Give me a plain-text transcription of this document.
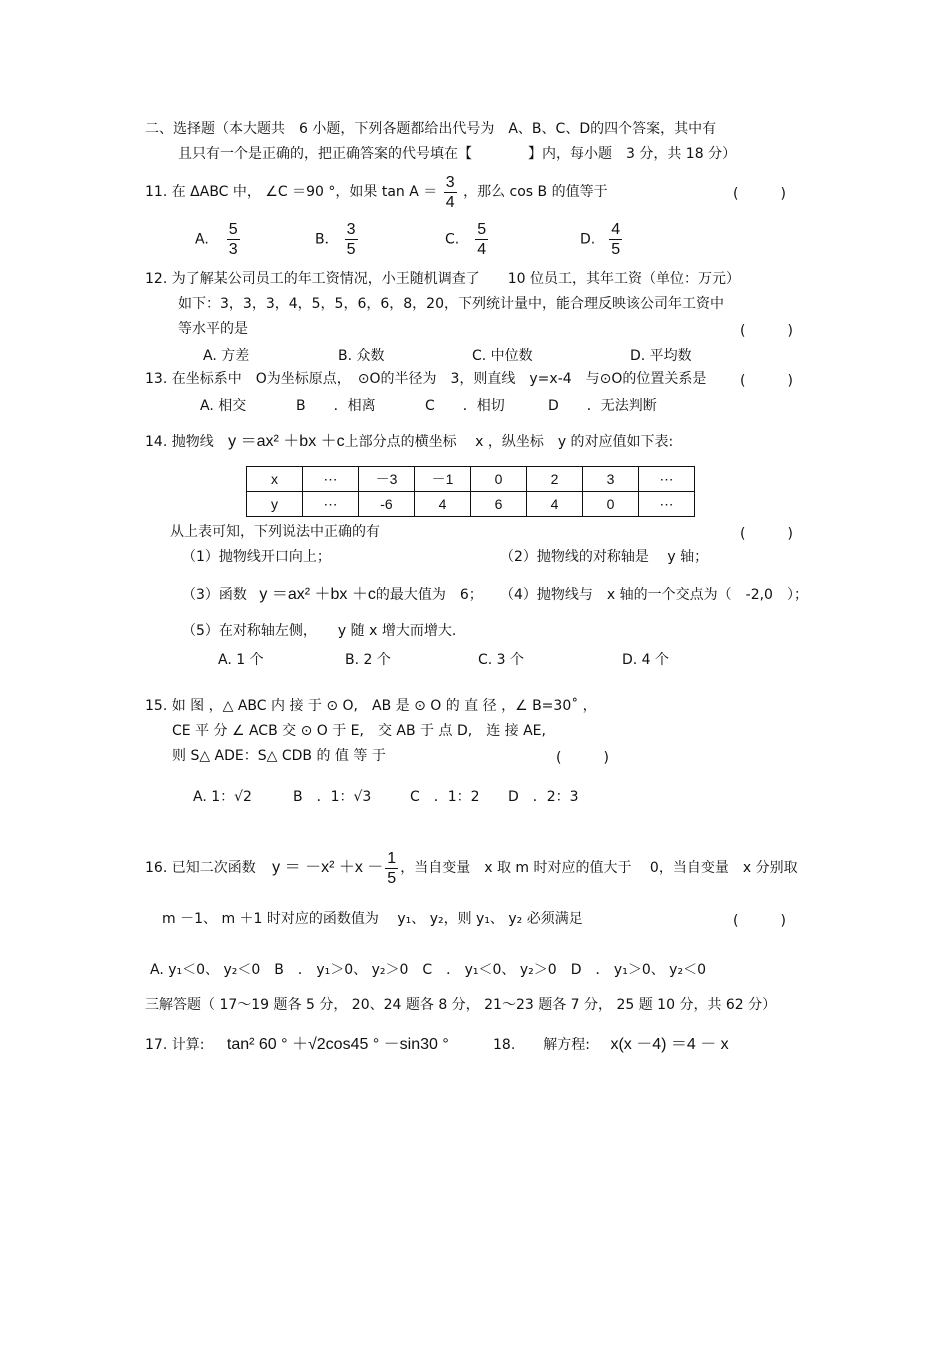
二、选择题（本大题共　6 小题，下列各题都给出代号为　A、B、C、D的四个答案，其中有
且只有一个是正确的，把正确答案的代号填在【　　　　】内，每小题　3 分，共 18 分）
11. 在 ΔABC 中， ∠C ＝90 °，如果 $\tan A = \frac{3}{4}$ ，那么 cos B 的值等于	(　　　)
A. $\frac{5}{3}$	B． $\frac{3}{5}$	C. $\frac{5}{4}$	D. $\frac{4}{5}$
12. 为了解某公司员工的年工资情况，小王随机调查了　　10 位员工，其年工资（单位：万元）
如下：3，3，3，4，5，5，6，6，8，20，下列统计量中，能合理反映该公司年工资中
等水平的是	(　　　)
A. 方差	B. 众数	C. 中位数	D. 平均数
13. 在坐标系中　O为坐标原点，　⊙O的半径为　3，则直线　y=x-4　与⊙O的位置关系是 (　　　)
A. 相交	B　　．相离	C　　．相切	D　　．无法判断
14. 抛物线 y ＝ax² ＋bx ＋c上部分点的横坐标　 x ，纵坐标　y 的对应值如下表:
x	⋯	－3	－1	0	2	3	⋯
y	⋯	-6	4	6	4	0	⋯
从上表可知，下列说法中正确的有	(　　　)
（1）抛物线开口向上；	（2）抛物线的对称轴是　 y 轴；
（3）函数 y ＝ax² ＋bx ＋c的最大值为　6； （4）抛物线与　x 轴的一个交点为（　-2,0　）；
（5）在对称轴左侧，　　y 随 x 增大而增大.
A. 1 个	B. 2 个	C. 3 个	D. 4 个
15. 如 图 ，△ ABC 内 接 于 ⊙ O,　AB 是 ⊙ O 的 直 径 ，∠ B=30˚ ，
CE 平 分 ∠ ACB 交 ⊙ O 于 E,　交 AB 于 点 D,　连 接 AE,
则 S△ ADE：S△ CDB 的 值 等 于	(　　　)
A. 1：√2	B　．1：√3	C　．1：2 D　．2：3
16. 已知二次函数 $y = -x^2 +x - \frac{1}{5}$ ，当自变量　x 取 m 时对应的值大于　 0，当自变量　x 分别取
m －1、 m ＋1 时对应的函数值为　 y₁、 y₂，则 y₁、 y₂ 必须满足	(　　　)
A. y₁＜0、 y₂＜0　B　． y₁＞0、 y₂＞0　C　． y₁＜0、 y₂＞0　D　． y₁＞0、 y₂＜0
三解答题（ 17～19 题各 5 分， 20、24 题各 8 分， 21～23 题各 7 分， 25 题 10 分，共 62 分）
17. 计算: tan² 60 ° ＋√2cos45 ° －sin30 °	18.　　解方程: x(x －4) ＝4 － x
